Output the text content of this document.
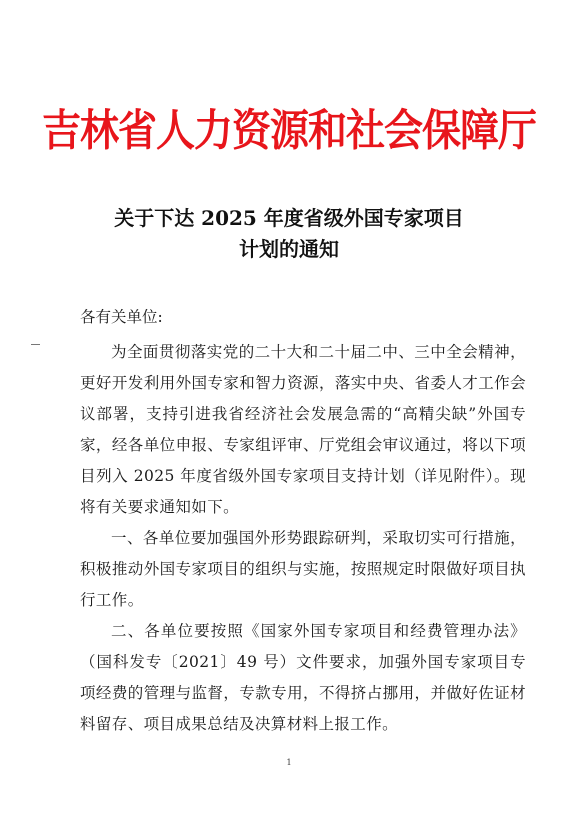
吉林省人力资源和社会保障厅
关于下达 2025 年度省级外国专家项目
计划的通知
各有关单位:

为全面贯彻落实党的二十大和二十届二中、三中全会精神，更好开发利用外国专家和智力资源，落实中央、省委人才工作会议部署，支持引进我省经济社会发展急需的“高精尖缺”外国专家，经各单位申报、专家组评审、厅党组会审议通过，将以下项目列入 2025 年度省级外国专家项目支持计划（详见附件）。现将有关要求通知如下。

一、各单位要加强国外形势跟踪研判，采取切实可行措施，积极推动外国专家项目的组织与实施，按照规定时限做好项目执行工作。

二、各单位要按照《国家外国专家项目和经费管理办法》（国科发专〔2021〕49 号）文件要求，加强外国专家项目专项经费的管理与监督，专款专用，不得挤占挪用，并做好佐证材料留存、项目成果总结及决算材料上报工作。

1
